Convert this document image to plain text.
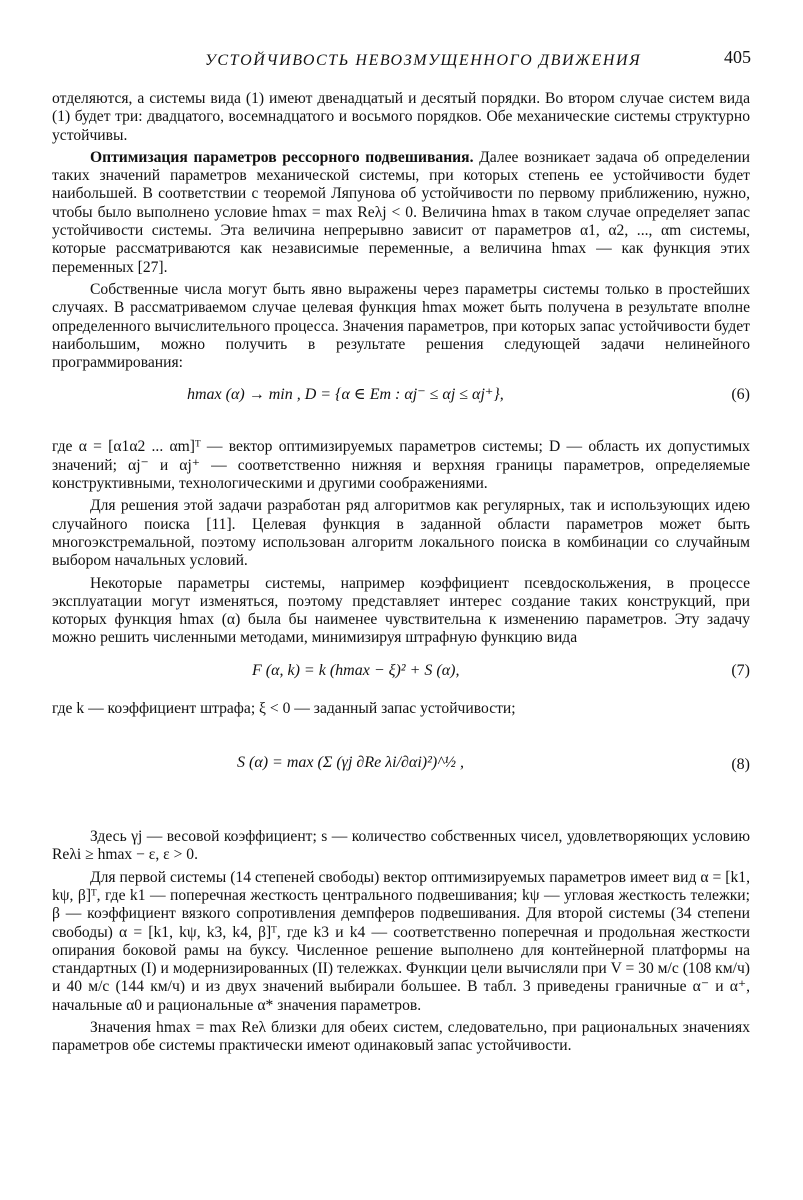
УСТОЙЧИВОСТЬ НЕВОЗМУЩЕННОГО ДВИЖЕНИЯ	405

отделяются, а системы вида (1) имеют двенадцатый и десятый порядки. Во втором случае систем вида (1) будет три: двадцатого, восемнадцатого и восьмого порядков. Обе механические системы структурно устойчивы.

Оптимизация параметров рессорного подвешивания. Далее возникает задача об определении таких значений параметров механической системы, при которых степень ее устойчивости будет наибольшей. В соответствии с теоремой Ляпунова об устойчивости по первому приближению, нужно, чтобы было выполнено условие hmax = max Reλj < 0. Величина hmax в таком случае определяет запас устойчивости системы. Эта величина непрерывно зависит от параметров α1, α2, ..., αm системы, которые рассматриваются как независимые переменные, а величина hmax — как функция этих переменных [27].

Собственные числа могут быть явно выражены через параметры системы только в простейших случаях. В рассматриваемом случае целевая функция hmax может быть получена в результате вполне определенного вычислительного процесса. Значения параметров, при которых запас устойчивости будет наибольшим, можно получить в результате решения следующей задачи нелинейного программирования:

hmax (α) → min , D = {α ∈ Em : αj⁻ ≤ αj ≤ αj⁺},	(6)

где α = [α1α2 ... αm]ᵀ — вектор оптимизируемых параметров системы; D — область их допустимых значений; αj⁻ и αj⁺ — соответственно нижняя и верхняя границы параметров, определяемые конструктивными, технологическими и другими соображениями.

Для решения этой задачи разработан ряд алгоритмов как регулярных, так и использующих идею случайного поиска [11]. Целевая функция в заданной области параметров может быть многоэкстремальной, поэтому использован алгоритм локального поиска в комбинации со случайным выбором начальных условий.

Некоторые параметры системы, например коэффициент псевдоскольжения, в процессе эксплуатации могут изменяться, поэтому представляет интерес создание таких конструкций, при которых функция hmax (α) была бы наименее чувствительна к изменению параметров. Эту задачу можно решить численными методами, минимизируя штрафную функцию вида

F (α, k) = k (hmax − ξ)² + S (α),	(7)

где k — коэффициент штрафа; ξ < 0 — заданный запас устойчивости;

S (α) = max (Σ (γj ∂Re λi/∂αi)²)^½ ,	(8)

Здесь γj — весовой коэффициент; s — количество собственных чисел, удовлетворяющих условию Reλi ≥ hmax − ε, ε > 0.

Для первой системы (14 степеней свободы) вектор оптимизируемых параметров имеет вид α = [k1, kψ, β]ᵀ, где k1 — поперечная жесткость центрального подвешивания; kψ — угловая жесткость тележки; β — коэффициент вязкого сопротивления демпферов подвешивания. Для второй системы (34 степени свободы) α = [k1, kψ, k3, k4, β]ᵀ, где k3 и k4 — соответственно поперечная и продольная жесткости опирания боковой рамы на буксу. Численное решение выполнено для контейнерной платформы на стандартных (I) и модернизированных (II) тележках. Функции цели вычисляли при V = 30 м/с (108 км/ч) и 40 м/с (144 км/ч) и из двух значений выбирали большее. В табл. 3 приведены граничные α⁻ и α⁺, начальные α0 и рациональные α* значения параметров.

Значения hmax = max Reλ близки для обеих систем, следовательно, при рациональных значениях параметров обе системы практически имеют одинаковый запас устойчивости.
